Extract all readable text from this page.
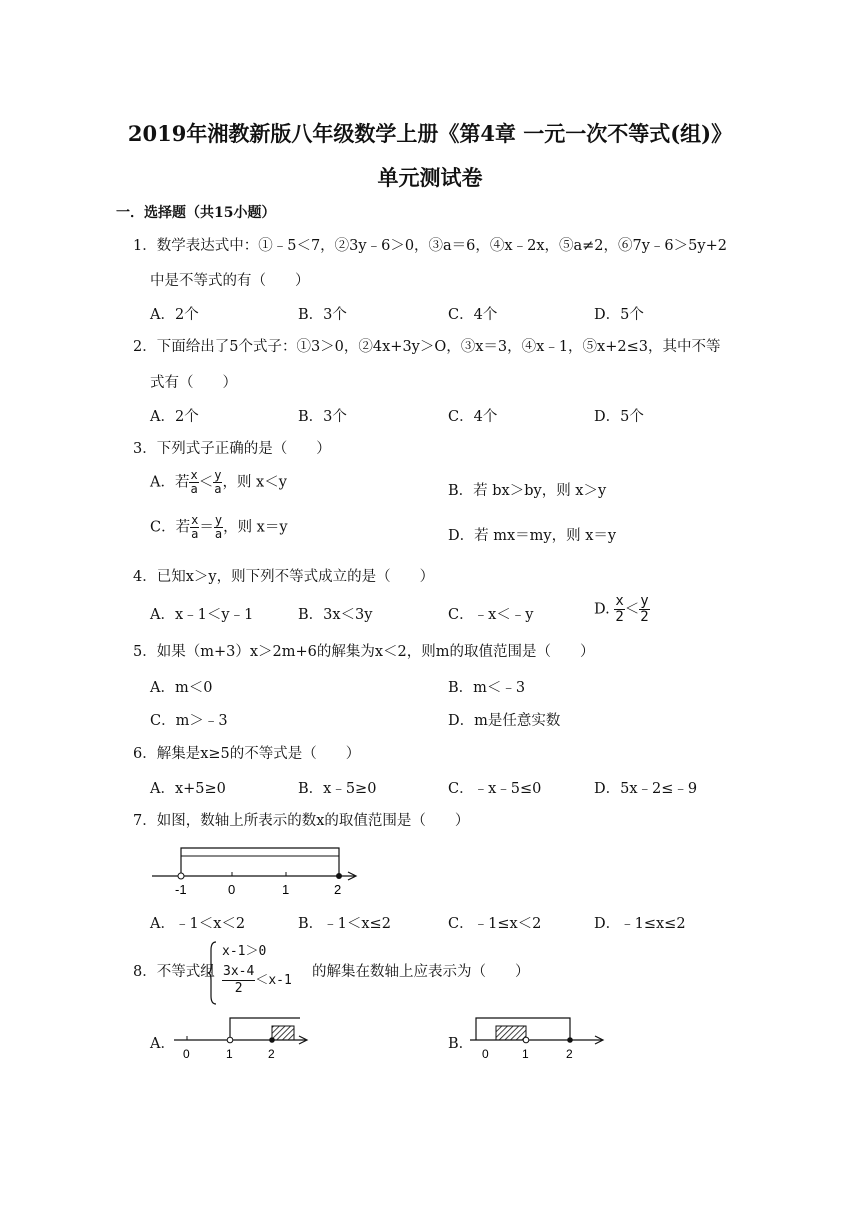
2019年湘教新版八年级数学上册《第4章 一元一次不等式(组)》
单元测试卷
一．选择题（共15小题）
1．数学表达式中：①﹣5＜7，②3y﹣6＞0，③a＝6，④x﹣2x，⑤a≠2，⑥7y﹣6＞5y+2
中是不等式的有（　　）
A．2个	B．3个	C．4个	D．5个
2．下面给出了5个式子：①3＞0，②4x+3y＞O，③x＝3，④x﹣1，⑤x+2≤3，其中不等
式有（　　）
A．2个	B．3个	C．4个	D．5个
3．下列式子正确的是（　　）
A．若 $\frac{x}{a} < \frac{y}{a}$ ，则 x＜y
B．若 bx＞by，则 x＞y
C．若 $\frac{x}{a} = \frac{y}{a}$ ，则 x＝y
D．若 mx＝my，则 x＝y
4．已知x＞y，则下列不等式成立的是（　　）
A．x﹣1＜y﹣1	B．3x＜3y	C．﹣x＜﹣y	D. $\frac{x}{2} < \frac{y}{2}$
5．如果（m+3）x＞2m+6的解集为x＜2，则m的取值范围是（　　）
A．m＜0	B．m＜﹣3
C．m＞﹣3	D．m是任意实数
6．解集是x≥5的不等式是（　　）
A．x+5≥0	B．x﹣5≥0	C．﹣x﹣5≤0	D．5x﹣2≤﹣9
7．如图，数轴上所表示的数x的取值范围是（　　）
-1	0	1	2
A．﹣1＜x＜2	B．﹣1＜x≤2	C．﹣1≤x＜2	D．﹣1≤x≤2
8．不等式组
x-1＞0
$\frac{3x-4}{2} <x-1$
的解集在数轴上应表示为（　　）
A．
0	1	2
B．
0	1	2
